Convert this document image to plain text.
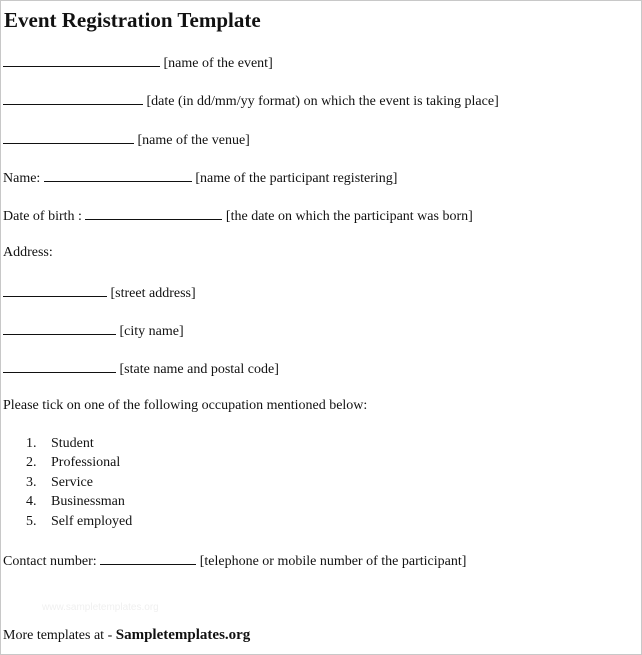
Event Registration Template
[name of the event]
[date (in dd/mm/yy format) on which the event is taking place]
[name of the venue]
Name:	[name of the participant registering]
Date of birth :	[the date on which the participant was born]
Address:
[street address]
[city name]
[state name and postal code]
Please tick on one of the following occupation mentioned below:
1. Student
2. Professional
3. Service
4. Businessman
5. Self employed
Contact number:	[telephone or mobile number of the participant]
www.sampletemplates.org
More templates at - Sampletemplates.org
